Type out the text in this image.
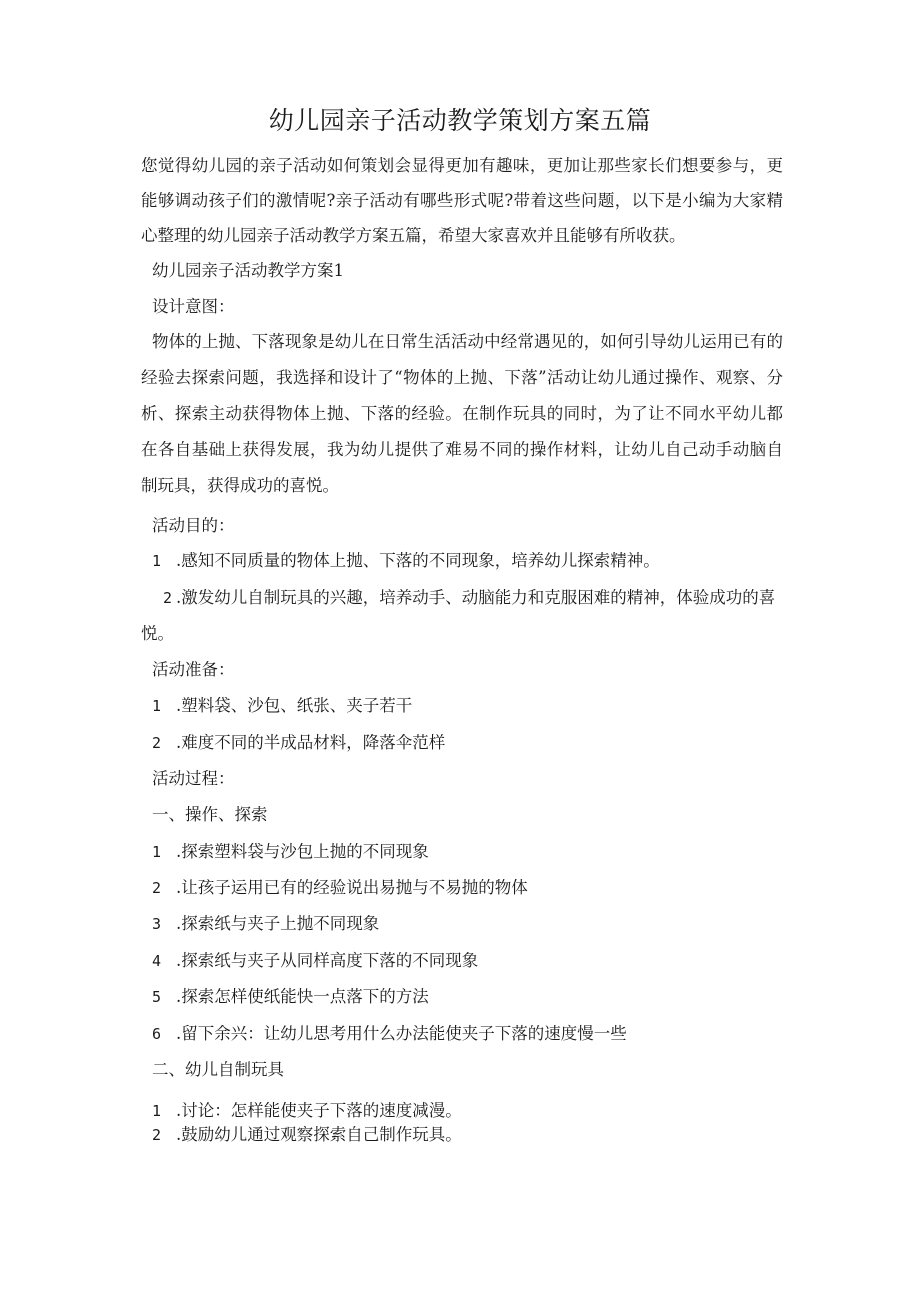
幼儿园亲子活动教学策划方案五篇
您觉得幼儿园的亲子活动如何策划会显得更加有趣味，更加让那些家长们想要参与，更能够调动孩子们的激情呢?亲子活动有哪些形式呢?带着这些问题，以下是小编为大家精心整理的幼儿园亲子活动教学方案五篇，希望大家喜欢并且能够有所收获。
幼儿园亲子活动教学方案1
设计意图：
物体的上抛、下落现象是幼儿在日常生活活动中经常遇见的，如何引导幼儿运用已有的经验去探索问题，我选择和设计了“物体的上抛、下落”活动让幼儿通过操作、观察、分析、探索主动获得物体上抛、下落的经验。在制作玩具的同时，为了让不同水平幼儿都在各自基础上获得发展，我为幼儿提供了难易不同的操作材料，让幼儿自己动手动脑自制玩具，获得成功的喜悦。
活动目的：
1 .感知不同质量的物体上抛、下落的不同现象，培养幼儿探索精神。
2 .激发幼儿自制玩具的兴趣，培养动手、动脑能力和克服困难的精神，体验成功的喜悦。
活动准备：
1 .塑料袋、沙包、纸张、夹子若干
2 .难度不同的半成品材料，降落伞范样
活动过程：
一、操作、探索
1 .探索塑料袋与沙包上抛的不同现象
2 .让孩子运用已有的经验说出易抛与不易抛的物体
3 .探索纸与夹子上抛不同现象
4 .探索纸与夹子从同样高度下落的不同现象
5 .探索怎样使纸能快一点落下的方法
6 .留下余兴：让幼儿思考用什么办法能使夹子下落的速度慢一些
二、幼儿自制玩具
1 .讨论：怎样能使夹子下落的速度减漫。
2 .鼓励幼儿通过观察探索自己制作玩具。
